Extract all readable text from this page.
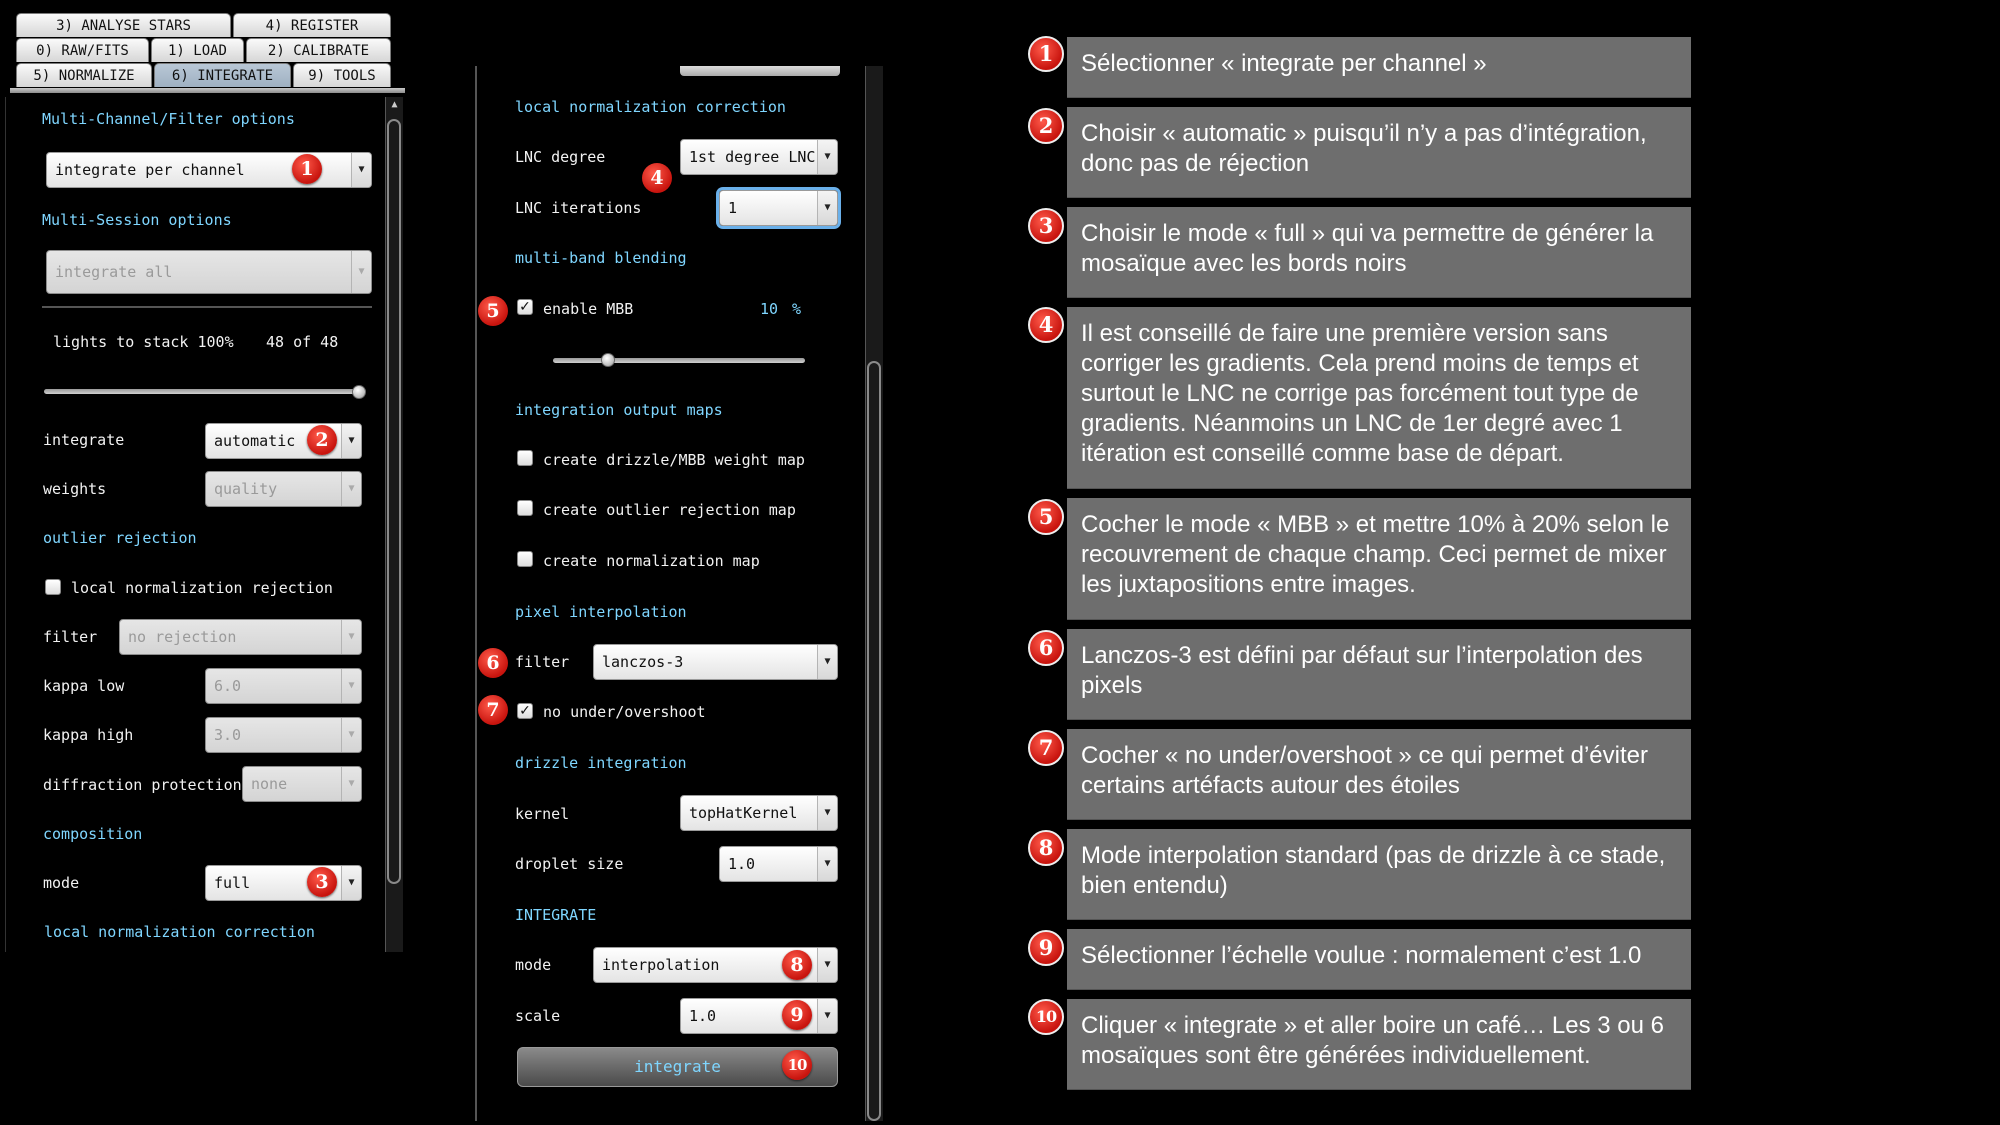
3) ANALYSE STARS	4) REGISTER
0) RAW/FITS	1) LOAD	2) CALIBRATE
5) NORMALIZE	6) INTEGRATE	9) TOOLS
Multi-Channel/Filter options
integrate per channel	▼
1
Multi-Session options
integrate all	▼
lights to stack 100% 48 of 48
integrate	automatic	▼
2
weights	quality	▼
outlier rejection
local normalization rejection
filter	no rejection	▼
kappa low	6.0	▼
kappa high	3.0	▼
diffraction protection none	▼
composition
mode	full	▼
3
local normalization correction
▲	local normalization correction
LNC degree	1st degree LNC ▼
4
LNC iterations	1	▼
multi-band blending
5	✓ enable MBB	10 %
integration output maps
create drizzle/MBB weight map
create outlier rejection map
create normalization map
pixel interpolation
6	filter	lanczos-3	▼
7	✓ no under/overshoot
drizzle integration
kernel	topHatKernel	▼
droplet size	1.0	▼
INTEGRATE
mode	interpolation	▼
8
scale	1.0	▼
9
integrate	10
1	Sélectionner « integrate per channel »
2	Choisir « automatic » puisqu’il n’y a pas d’intégration, donc pas de réjection
3	Choisir le mode « full » qui va permettre de générer la mosaïque avec les bords noirs
4	Il est conseillé de faire une première version sans corriger les gradients. Cela prend moins de temps et surtout le LNC ne corrige pas forcément tout type de gradients. Néanmoins un LNC de 1er degré avec 1 itération est conseillé comme base de départ.
5	Cocher le mode « MBB » et mettre 10% à 20% selon le recouvrement de chaque champ. Ceci permet de mixer les juxtapositions entre images.
6	Lanczos-3 est défini par défaut sur l’interpolation des pixels
7	Cocher « no under/overshoot » ce qui permet d’éviter certains artéfacts autour des étoiles
8	Mode interpolation standard (pas de drizzle à ce stade, bien entendu)
9	Sélectionner l’échelle voulue : normalement c’est 1.0
10	Cliquer « integrate » et aller boire un café… Les 3 ou 6 mosaïques sont être générées individuellement.
